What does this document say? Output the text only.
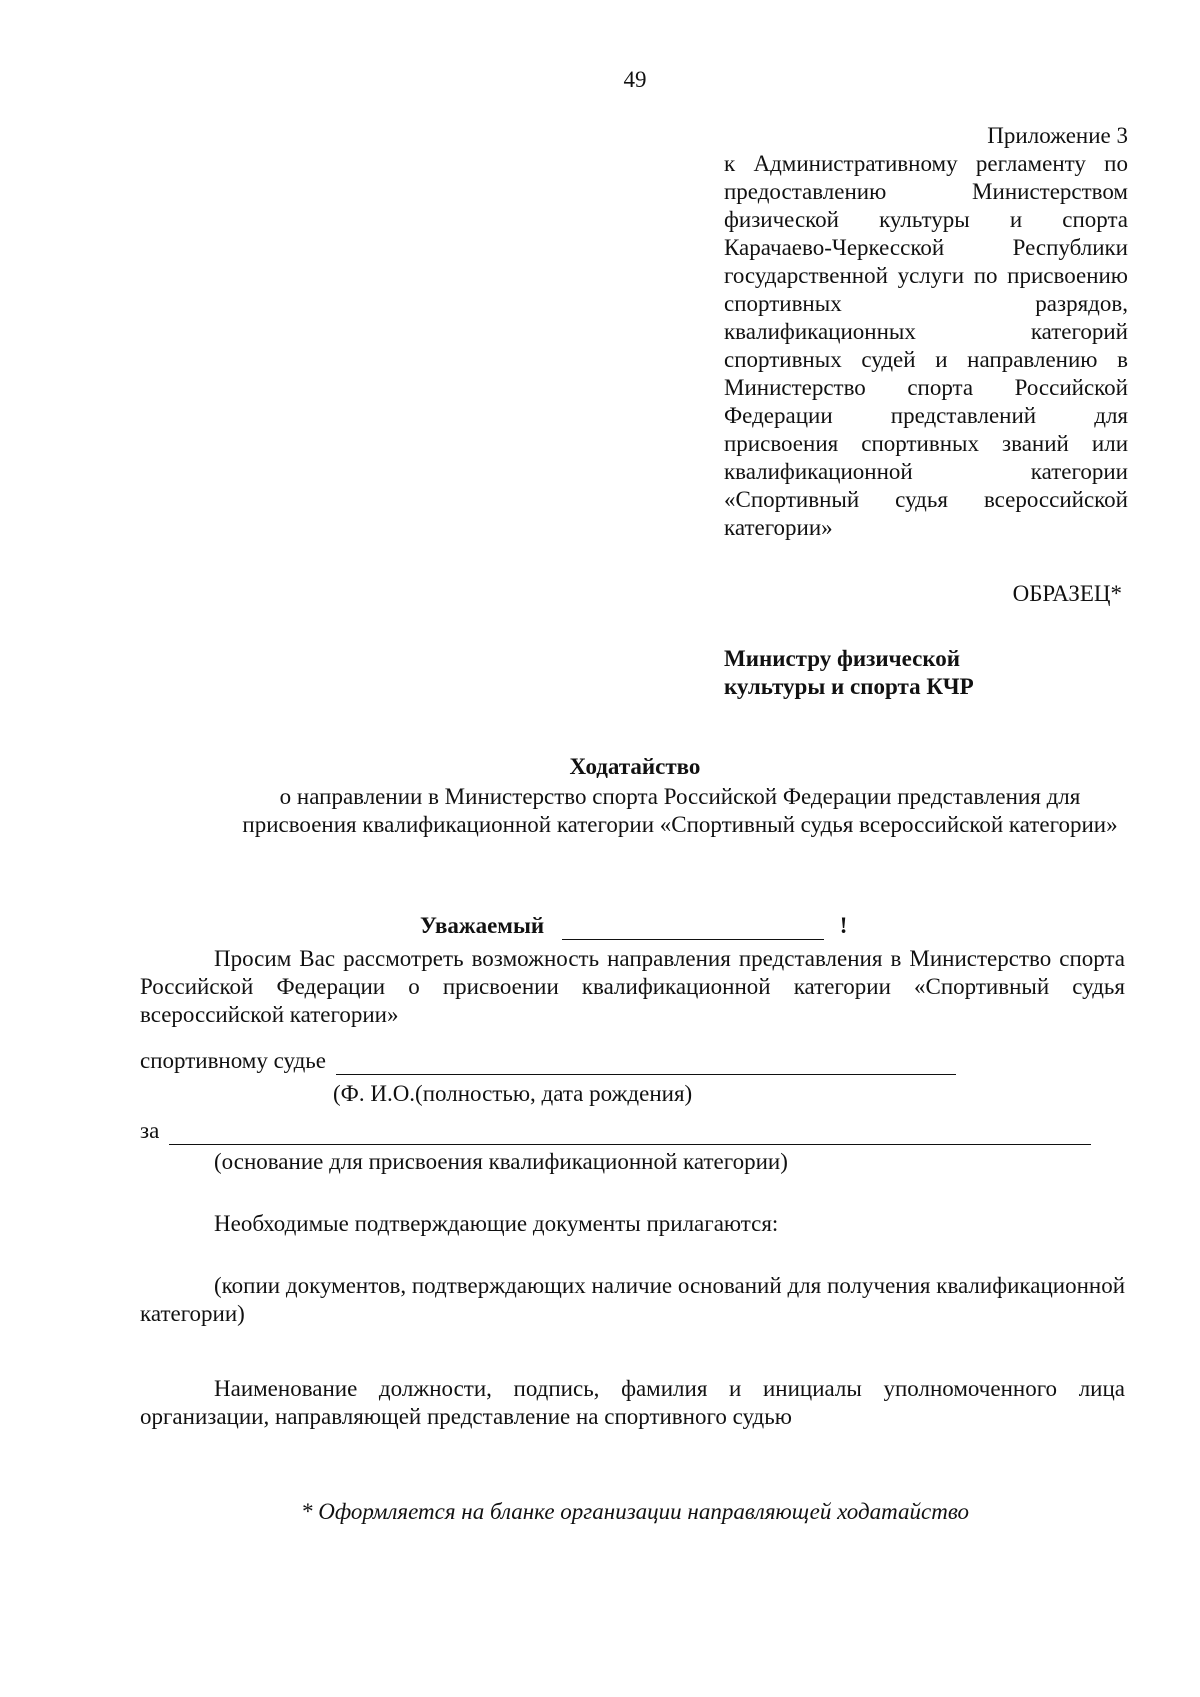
49
Приложение 3
к Административному регламенту по предоставлению Министерством физической культуры и спорта Карачаево-Черкесской Республики государственной услуги по присвоению спортивных разрядов, квалификационных категорий спортивных судей и направлению в Министерство спорта Российской Федерации представлений для присвоения спортивных званий или квалификационной категории «Спортивный судья всероссийской категории»
ОБРАЗЕЦ*
Министру физической
культуры и спорта КЧР
Ходатайство
о направлении в Министерство спорта Российской Федерации представления для присвоения квалификационной категории «Спортивный судья всероссийской категории»
Уважаемый	!
Просим Вас рассмотреть возможность направления представления в Министерство спорта Российской Федерации о присвоении квалификационной категории «Спортивный судья всероссийской категории»
спортивному судье
(Ф. И.О.(полностью, дата рождения)
за
(основание для присвоения квалификационной категории)
Необходимые подтверждающие документы прилагаются:
(копии документов, подтверждающих наличие оснований для получения квалификационной категории)
Наименование должности, подпись, фамилия и инициалы уполномоченного лица организации, направляющей представление на спортивного судью
* Оформляется на бланке организации направляющей ходатайство
